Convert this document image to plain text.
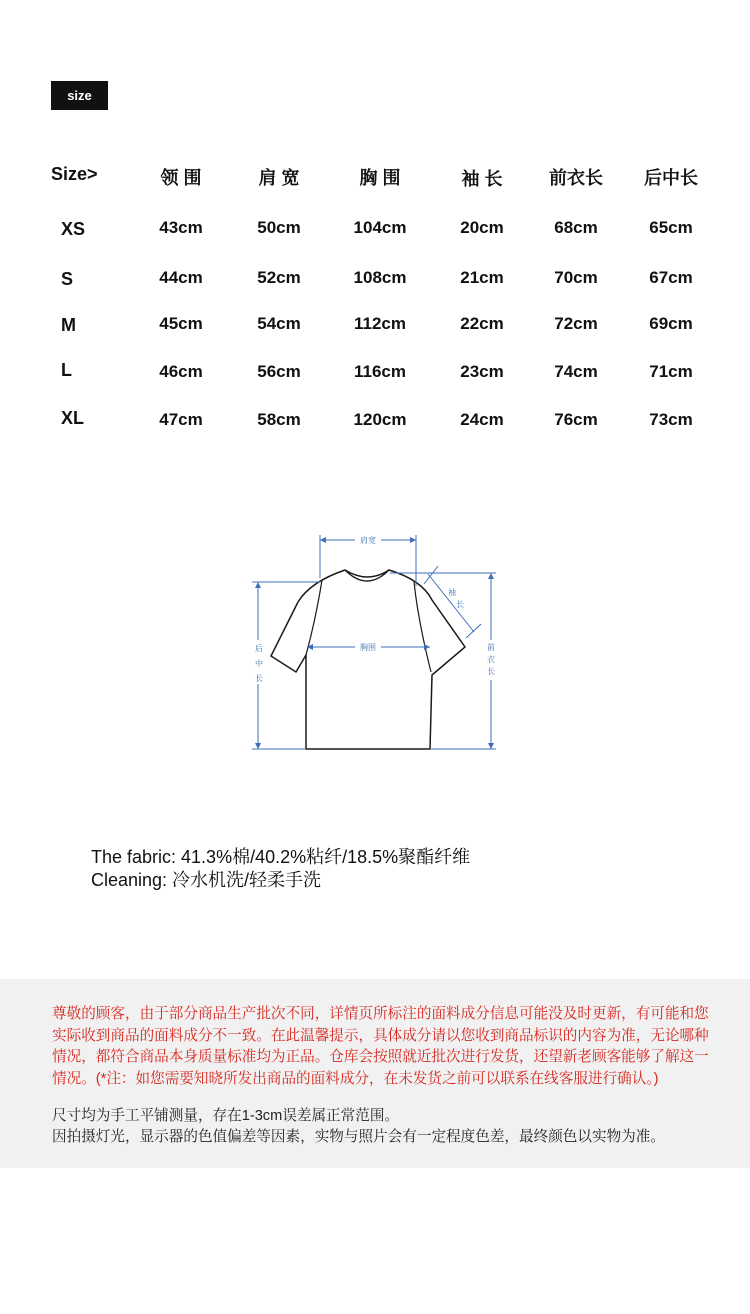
size
Size>	领 围	肩 宽	胸 围	袖 长	前衣长 后中长
XS	43cm	50cm	104cm	20cm	68cm	65cm
S	44cm	52cm	108cm	21cm	70cm	67cm
M	45cm	54cm	112cm	22cm	72cm	69cm
L	46cm	56cm	116cm	23cm	74cm	71cm
XL	47cm	58cm	120cm	24cm	76cm	73cm
肩宽
胸围
袖
长
后
中
长
前
衣
长
The fabric: 41.3%棉/40.2%粘纤/18.5%聚酯纤维
Cleaning: 冷水机洗/轻柔手洗

尊敬的顾客，由于部分商品生产批次不同，详情页所标注的面料成分信息可能没及时更新，有可能和您实际收到商品的面料成分不一致。在此温馨提示，具体成分请以您收到商品标识的内容为准，无论哪种情况，都符合商品本身质量标准均为正品。仓库会按照就近批次进行发货，还望新老顾客能够了解这一情况。(*注：如您需要知晓所发出商品的面料成分，在未发货之前可以联系在线客服进行确认。)

尺寸均为手工平铺测量，存在1-3cm误差属正常范围。

因拍摄灯光，显示器的色值偏差等因素，实物与照片会有一定程度色差，最终颜色以实物为准。
